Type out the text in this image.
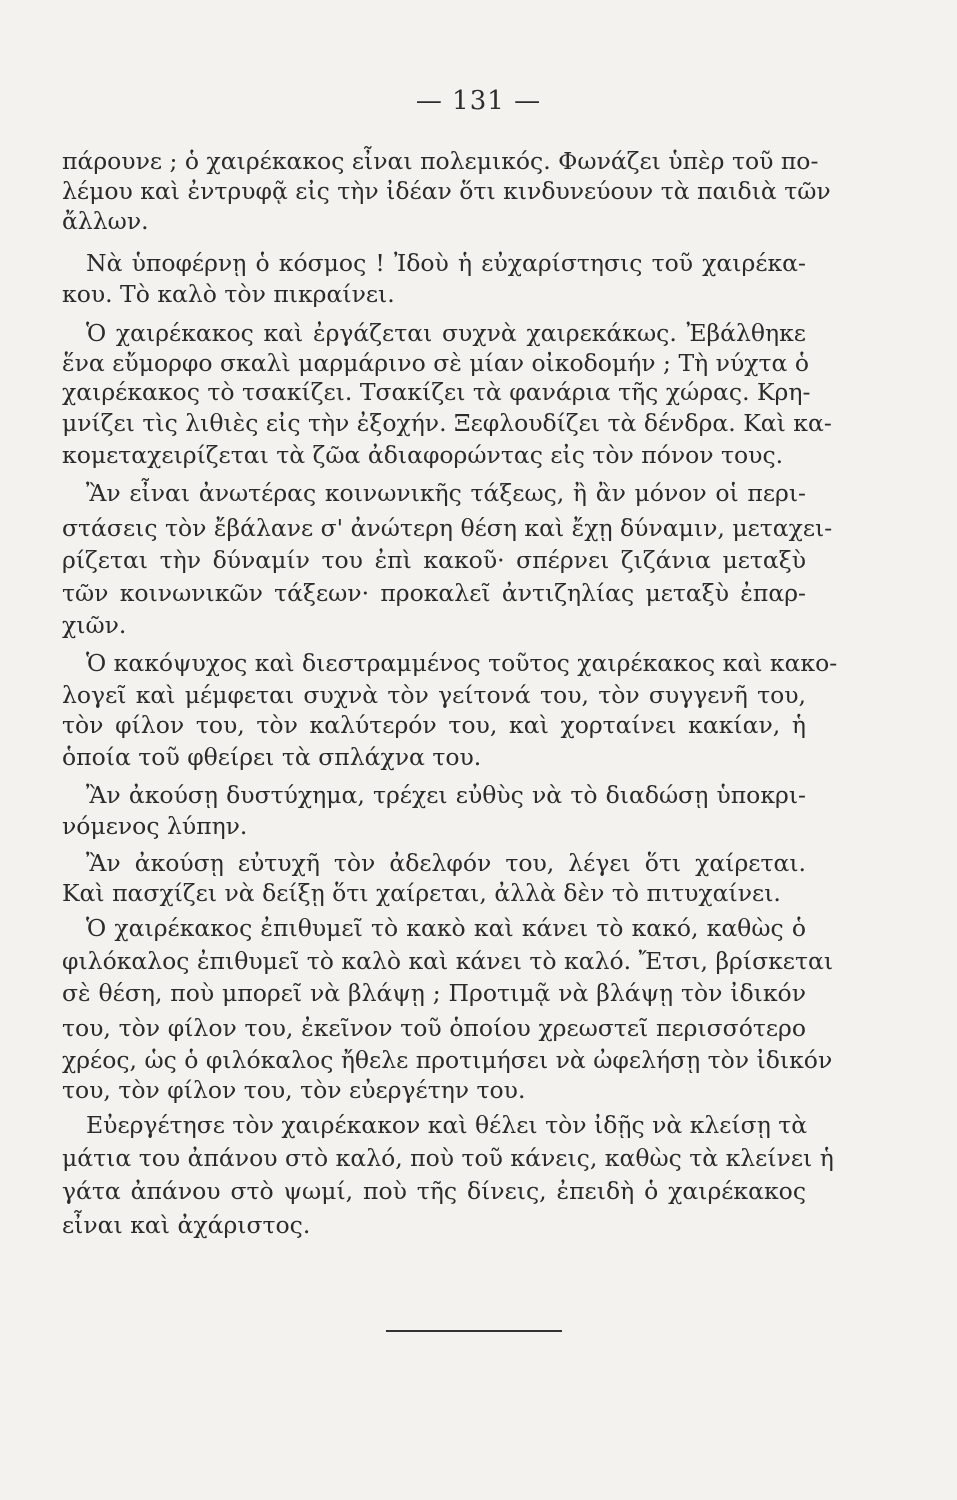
— 131 —
πάρουνε ; ὁ χαιρέκακος εἶναι πολεμικός. Φωνάζει ὑπὲρ τοῦ πο-
λέμου καὶ ἐντρυφᾷ εἰς τὴν ἰδέαν ὅτι κινδυνεύουν τὰ παιδιὰ τῶν
ἄλλων.
Νὰ ὑποφέρνῃ ὁ κόσμος ! Ἰδοὺ ἡ εὐχαρίστησις τοῦ χαιρέκα-
κου. Τὸ καλὸ τὸν πικραίνει.
Ὁ χαιρέκακος καὶ ἐργάζεται συχνὰ χαιρεκάκως. Ἐβάλθηκε
ἕνα εὔμορφο σκαλὶ μαρμάρινο σὲ μίαν οἰκοδομήν ; Τὴ νύχτα ὁ
χαιρέκακος τὸ τσακίζει. Τσακίζει τὰ φανάρια τῆς χώρας. Κρη-
μνίζει τὶς λιθιὲς εἰς τὴν ἐξοχήν. Ξεφλουδίζει τὰ δένδρα. Καὶ κα-
κομεταχειρίζεται τὰ ζῶα ἀδιαφορώντας εἰς τὸν πόνον τους.
Ἂν εἶναι ἀνωτέρας κοινωνικῆς τάξεως, ἢ ἂν μόνον οἱ περι-
στάσεις τὸν ἔβάλανε σ' ἀνώτερη θέση καὶ ἔχῃ δύναμιν, μεταχει-
ρίζεται τὴν δύναμίν του ἐπὶ κακοῦ· σπέρνει ζιζάνια μεταξὺ
τῶν κοινωνικῶν τάξεων· προκαλεῖ ἀντιζηλίας μεταξὺ ἐπαρ-
χιῶν.
Ὁ κακόψυχος καὶ διεστραμμένος τοῦτος χαιρέκακος καὶ κακο-
λογεῖ καὶ μέμφεται συχνὰ τὸν γείτονά του, τὸν συγγενῆ του,
τὸν φίλον του, τὸν καλύτερόν του, καὶ χορταίνει κακίαν, ἡ
ὁποία τοῦ φθείρει τὰ σπλάχνα του.
Ἂν ἀκούσῃ δυστύχημα, τρέχει εὐθὺς νὰ τὸ διαδώσῃ ὑποκρι-
νόμενος λύπην.
Ἂν ἀκούσῃ εὐτυχῆ τὸν ἀδελφόν του, λέγει ὅτι χαίρεται.
Καὶ πασχίζει νὰ δείξῃ ὅτι χαίρεται, ἀλλὰ δὲν τὸ πιτυχαίνει.
Ὁ χαιρέκακος ἐπιθυμεῖ τὸ κακὸ καὶ κάνει τὸ κακό, καθὼς ὁ
φιλόκαλος ἐπιθυμεῖ τὸ καλὸ καὶ κάνει τὸ καλό. Ἔτσι, βρίσκεται
σὲ θέση, ποὺ μπορεῖ νὰ βλάψῃ ; Προτιμᾷ νὰ βλάψῃ τὸν ἰδικόν
του, τὸν φίλον του, ἐκεῖνον τοῦ ὁποίου χρεωστεῖ περισσότερο
χρέος, ὡς ὁ φιλόκαλος ἤθελε προτιμήσει νὰ ὠφελήσῃ τὸν ἰδικόν
του, τὸν φίλον του, τὸν εὐεργέτην του.
Εὐεργέτησε τὸν χαιρέκακον καὶ θέλει τὸν ἰδῇς νὰ κλείσῃ τὰ
μάτια του ἀπάνου στὸ καλό, ποὺ τοῦ κάνεις, καθὼς τὰ κλείνει ἡ
γάτα ἀπάνου στὸ ψωμί, ποὺ τῆς δίνεις, ἐπειδὴ ὁ χαιρέκακος
εἶναι καὶ ἀχάριστος.
